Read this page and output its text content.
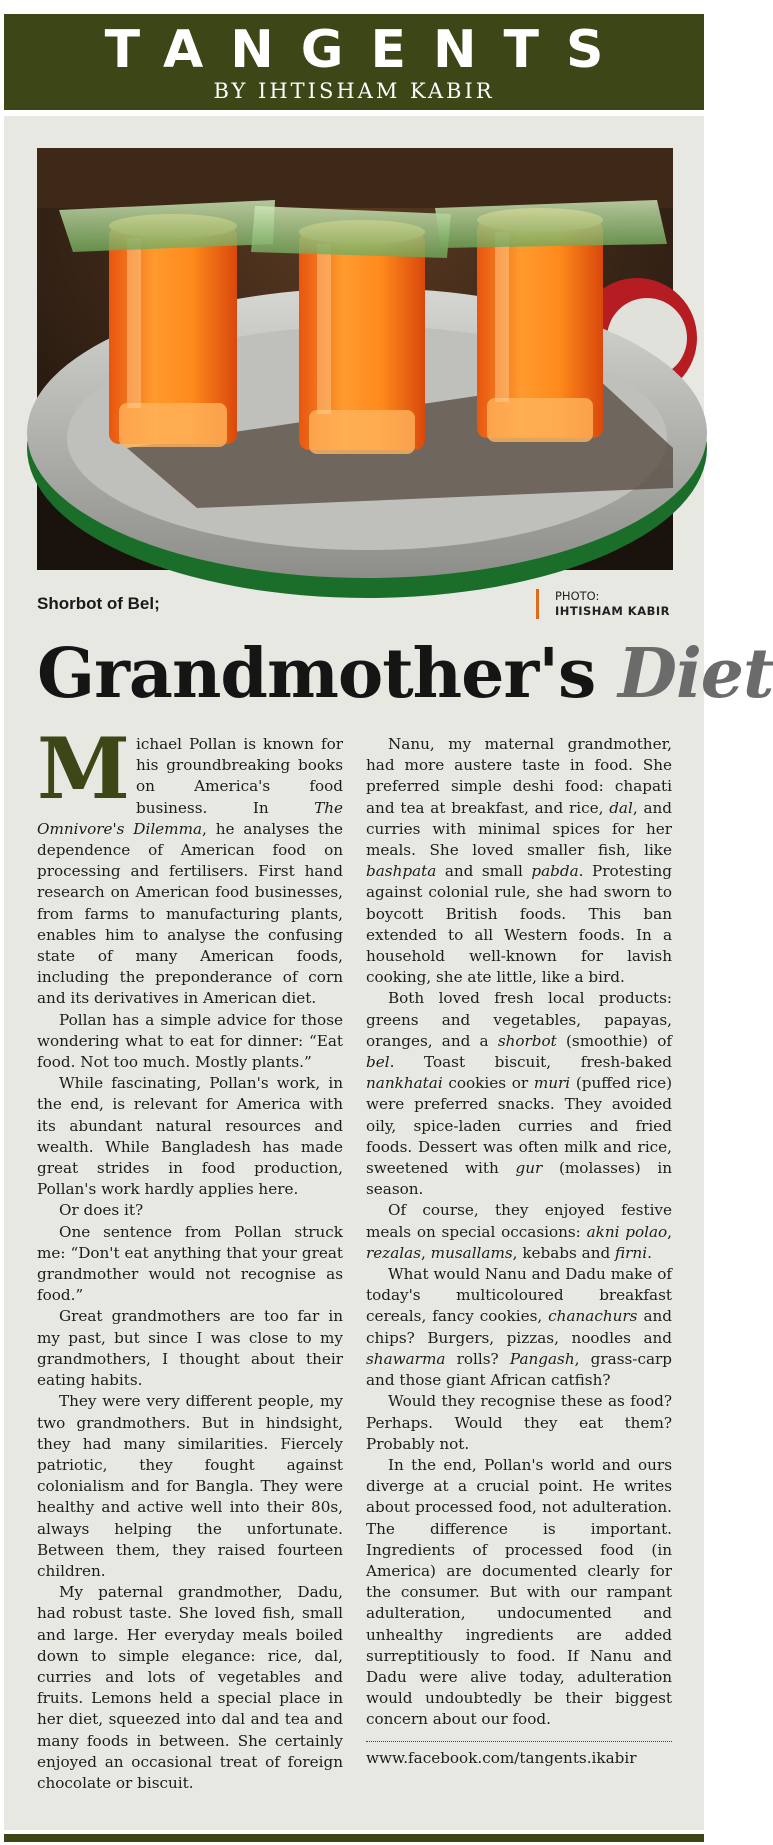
TANGENTS
BY IHTISHAM KABIR
Shorbot of Bel;	PHOTO:
IHTISHAM KABIR
Grandmother's Diet

Michael Pollan is known for his groundbreaking books on America's food business. In The Omnivore's Dilemma, he analyses the dependence of American food on processing and fertilisers. First hand research on American food businesses, from farms to manufacturing plants, enables him to analyse the confusing state of many American foods, including the preponderance of corn and its derivatives in American diet.

Pollan has a simple advice for those wondering what to eat for dinner: “Eat food. Not too much. Mostly plants.”

While fascinating, Pollan's work, in the end, is relevant for America with its abundant natural resources and wealth. While Bangladesh has made great strides in food production, Pollan's work hardly applies here.

Or does it?

One sentence from Pollan struck me: “Don't eat anything that your great grandmother would not recognise as food.”

Great grandmothers are too far in my past, but since I was close to my grandmothers, I thought about their eating habits.

They were very different people, my two grandmothers. But in hindsight, they had many similarities. Fiercely patriotic, they fought against colonialism and for Bangla. They were healthy and active well into their 80s, always helping the unfortunate. Between them, they raised fourteen children.

My paternal grandmother, Dadu, had robust taste. She loved fish, small and large. Her everyday meals boiled down to simple elegance: rice, dal, curries and lots of vegetables and fruits. Lemons held a special place in her diet, squeezed into dal and tea and many foods in between. She certainly enjoyed an occasional treat of foreign chocolate or biscuit.

Nanu, my maternal grandmother, had more austere taste in food. She preferred simple deshi food: chapati and tea at breakfast, and rice, dal, and curries with minimal spices for her meals. She loved smaller fish, like bashpata and small pabda. Protesting against colonial rule, she had sworn to boycott British foods. This ban extended to all Western foods. In a household well-known for lavish cooking, she ate little, like a bird.

Both loved fresh local products: greens and vegetables, papayas, oranges, and a shorbot (smoothie) of bel. Toast biscuit, fresh-baked nankhatai cookies or muri (puffed rice) were preferred snacks. They avoided oily, spice-laden curries and fried foods. Dessert was often milk and rice, sweetened with gur (molasses) in season.

Of course, they enjoyed festive meals on special occasions: akni polao, rezalas, musallams, kebabs and firni.

What would Nanu and Dadu make of today's multicoloured breakfast cereals, fancy cookies, chanachurs and chips? Burgers, pizzas, noodles and shawarma rolls? Pangash, grass-carp and those giant African catfish?

Would they recognise these as food? Perhaps. Would they eat them? Probably not.

In the end, Pollan's world and ours diverge at a crucial point. He writes about processed food, not adulteration. The difference is important. Ingredients of processed food (in America) are documented clearly for the consumer. But with our rampant adulteration, undocumented and unhealthy ingredients are added surreptitiously to food. If Nanu and Dadu were alive today, adulteration would undoubtedly be their biggest concern about our food.

www.facebook.com/tangents.ikabir
